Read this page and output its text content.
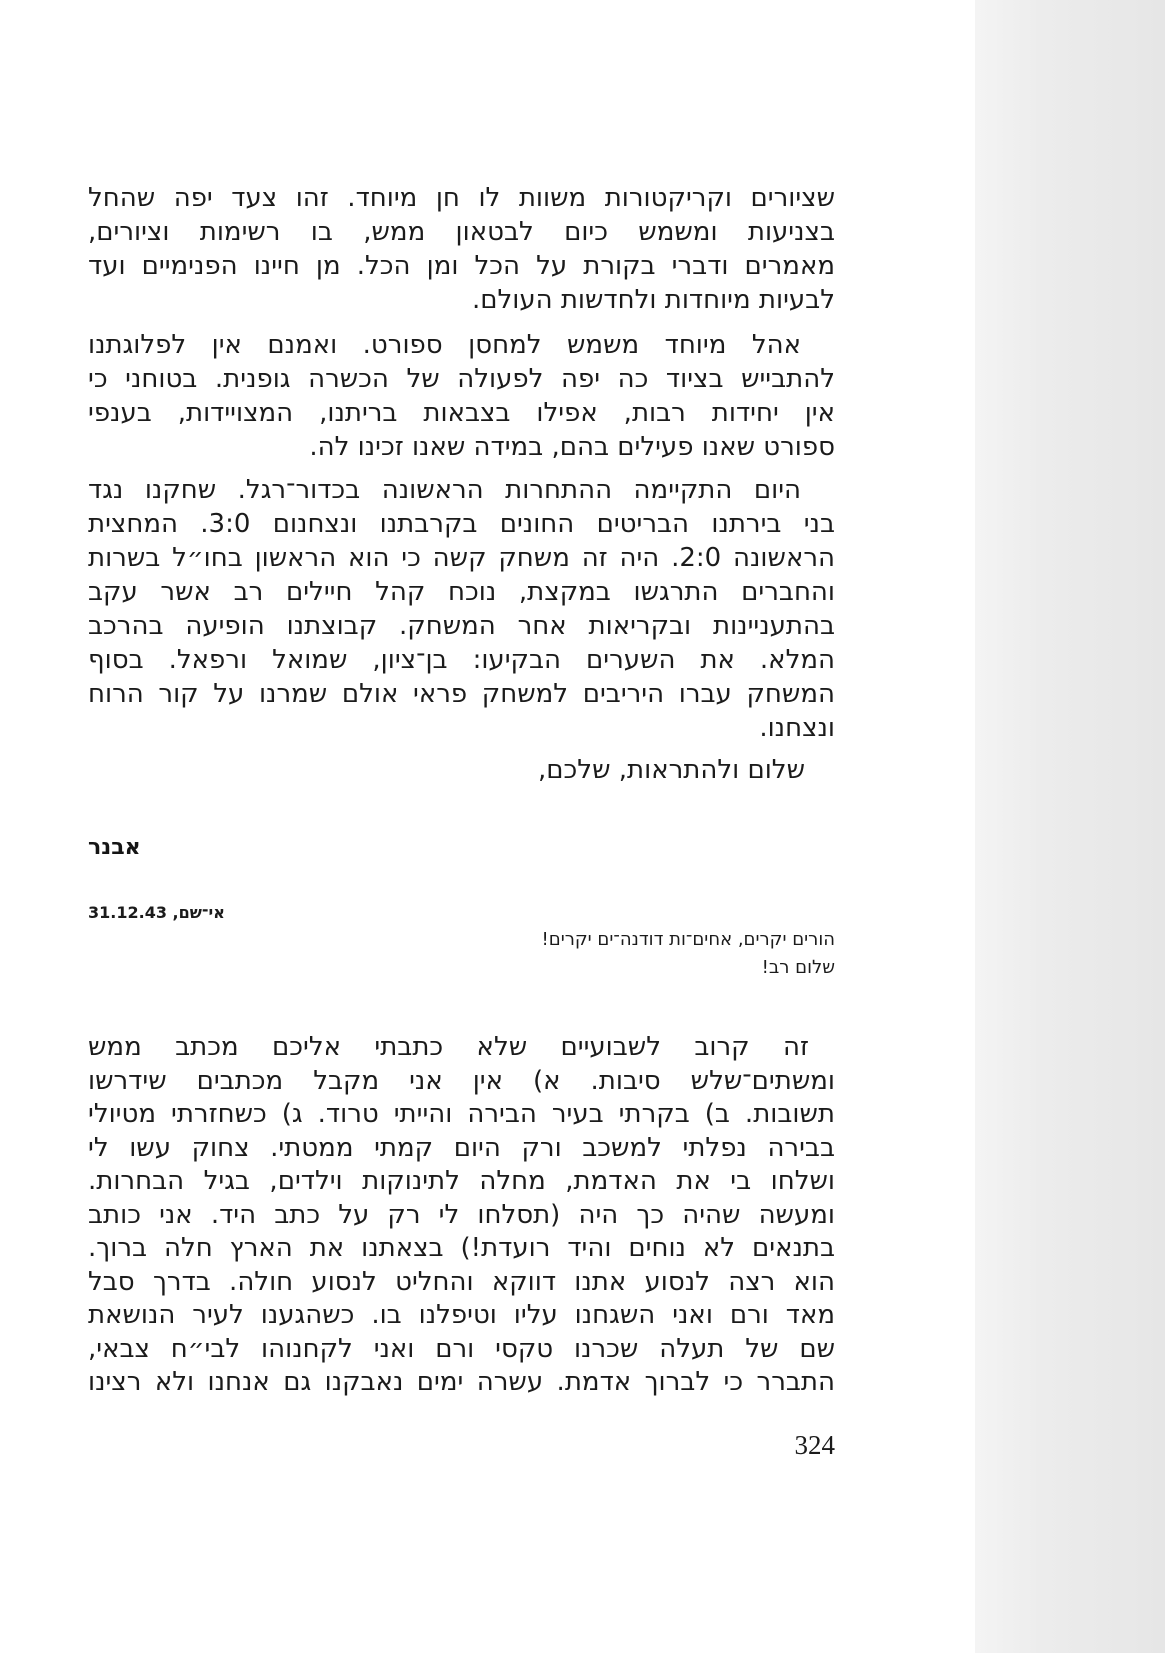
שציורים וקריקטורות משוות לו חן מיוחד. זהו צעד יפה שהחל
בצניעות ומשמש כיום לבטאון ממש, בו רשימות וציורים,
מאמרים ודברי בקורת על הכל ומן הכל. מן חיינו הפנימיים ועד
לבעיות מיוחדות ולחדשות העולם.
אהל מיוחד משמש למחסן ספורט. ואמנם אין לפלוגתנו
להתבייש בציוד כה יפה לפעולה של הכשרה גופנית. בטוחני כי
אין יחידות רבות, אפילו בצבאות בריתנו, המצויידות, בענפי
ספורט שאנו פעילים בהם, במידה שאנו זכינו לה.
היום התקיימה ההתחרות הראשונה בכדור־רגל. שחקנו נגד
בני בירתנו הבריטים החונים בקרבתנו ונצחנום 3:0. המחצית
הראשונה 2:0. היה זה משחק קשה כי הוא הראשון בחו״ל בשרות
והחברים התרגשו במקצת, נוכח קהל חיילים רב אשר עקב
בהתעניינות ובקריאות אחר המשחק. קבוצתנו הופיעה בהרכב
המלא. את השערים הבקיעו: בן־ציון, שמואל ורפאל. בסוף
המשחק עברו היריבים למשחק פראי אולם שמרנו על קור הרוח
ונצחנו.
שלום ולהתראות, שלכם,
אבנר
אי־שם, 31.12.43
הורים יקרים, אחים־ות דודנה־ים יקרים!
שלום רב!
זה קרוב לשבועיים שלא כתבתי אליכם מכתב ממש
ומשתים־שלש סיבות. א) אין אני מקבל מכתבים שידרשו
תשובות. ב) בקרתי בעיר הבירה והייתי טרוד. ג) כשחזרתי מטיולי
בבירה נפלתי למשכב ורק היום קמתי ממטתי. צחוק עשו לי
ושלחו בי את האדמת, מחלה לתינוקות וילדים, בגיל הבחרות.
ומעשה שהיה כך היה (תסלחו לי רק על כתב היד. אני כותב
בתנאים לא נוחים והיד רועדת!) בצאתנו את הארץ חלה ברוך.
הוא רצה לנסוע אתנו דווקא והחליט לנסוע חולה. בדרך סבל
מאד ורם ואני השגחנו עליו וטיפלנו בו. כשהגענו לעיר הנושאת
שם של תעלה שכרנו טקסי ורם ואני לקחנוהו לבי״ח צבאי,
התברר כי לברוך אדמת. עשרה ימים נאבקנו גם אנחנו ולא רצינו
324
